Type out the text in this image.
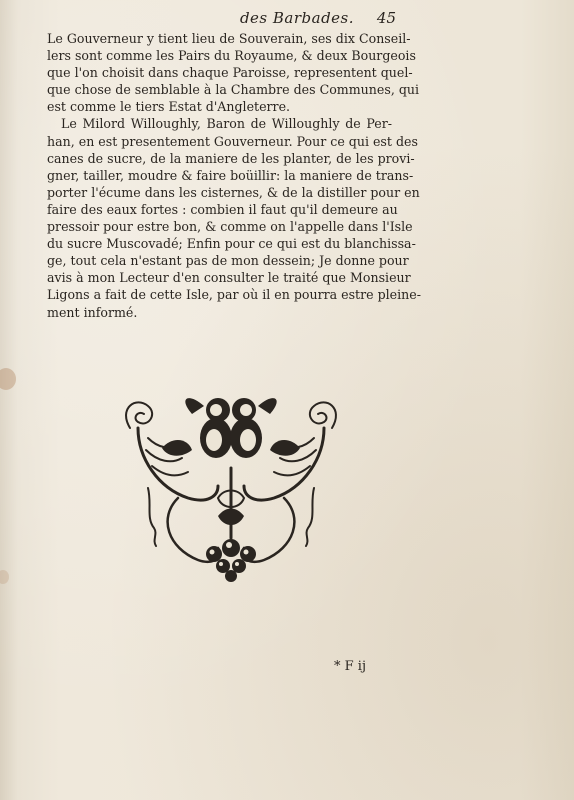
des Barbades.	45
Le Gouverneur y tient lieu de Souverain, ses dix Conseil-
lers sont comme les Pairs du Royaume, & deux Bourgeois
que l'on choisit dans chaque Paroisse, representent quel-
que chose de semblable à la Chambre des Communes, qui
est comme le tiers Estat d'Angleterre.
Le Milord Willoughly, Baron de Willoughly de Per-
han, en est presentement Gouverneur. Pour ce qui est des
canes de sucre, de la maniere de les planter, de les provi-
gner, tailler, moudre & faire boüillir: la maniere de trans-
porter l'écume dans les cisternes, & de la distiller pour en
faire des eaux fortes : combien il faut qu'il demeure au
pressoir pour estre bon, & comme on l'appelle dans l'Isle
du sucre Muscovadé; Enfin pour ce qui est du blanchissa-
ge, tout cela n'estant pas de mon dessein; Je donne pour
avis à mon Lecteur d'en consulter le traité que Monsieur
Ligons a fait de cette Isle, par où il en pourra estre pleine-
ment informé.
* F ij
